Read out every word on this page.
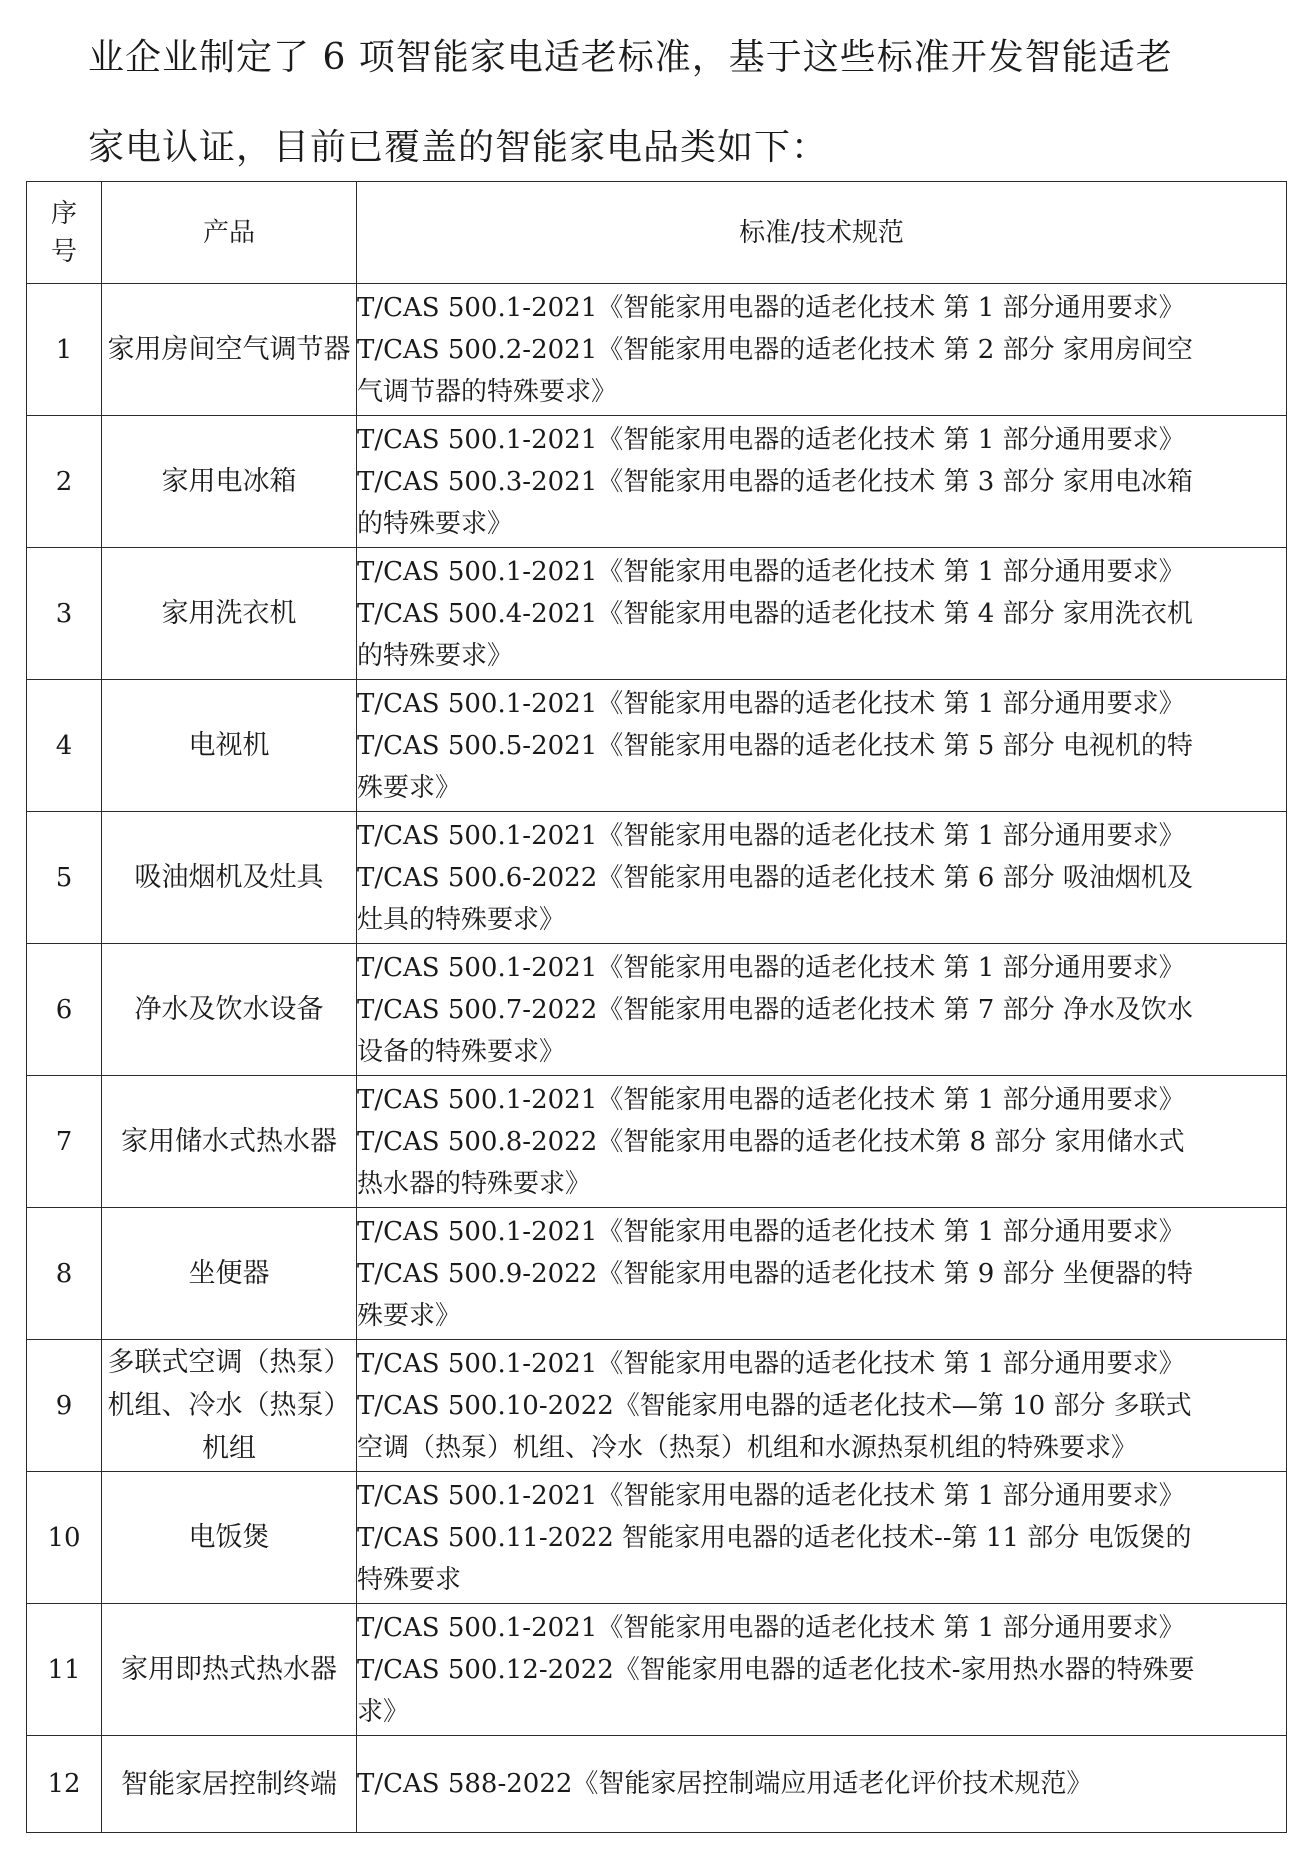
业企业制定了 6 项智能家电适老标准，基于这些标准开发智能适老
家电认证，目前已覆盖的智能家电品类如下：
序
号	产品	标准/技术规范
1	家用房间空气调节器	T/CAS 500.1-2021《智能家用电器的适老化技术 第 1 部分通用要求》
T/CAS 500.2-2021《智能家用电器的适老化技术 第 2 部分 家用房间空
气调节器的特殊要求》
2	家用电冰箱	T/CAS 500.1-2021《智能家用电器的适老化技术 第 1 部分通用要求》
T/CAS 500.3-2021《智能家用电器的适老化技术 第 3 部分 家用电冰箱
的特殊要求》
3	家用洗衣机	T/CAS 500.1-2021《智能家用电器的适老化技术 第 1 部分通用要求》
T/CAS 500.4-2021《智能家用电器的适老化技术 第 4 部分 家用洗衣机
的特殊要求》
4	电视机	T/CAS 500.1-2021《智能家用电器的适老化技术 第 1 部分通用要求》
T/CAS 500.5-2021《智能家用电器的适老化技术 第 5 部分 电视机的特
殊要求》
5	吸油烟机及灶具	T/CAS 500.1-2021《智能家用电器的适老化技术 第 1 部分通用要求》
T/CAS 500.6-2022《智能家用电器的适老化技术 第 6 部分 吸油烟机及
灶具的特殊要求》
6	净水及饮水设备	T/CAS 500.1-2021《智能家用电器的适老化技术 第 1 部分通用要求》
T/CAS 500.7-2022《智能家用电器的适老化技术 第 7 部分 净水及饮水
设备的特殊要求》
7	家用储水式热水器	T/CAS 500.1-2021《智能家用电器的适老化技术 第 1 部分通用要求》
T/CAS 500.8-2022《智能家用电器的适老化技术第 8 部分 家用储水式
热水器的特殊要求》
8	坐便器	T/CAS 500.1-2021《智能家用电器的适老化技术 第 1 部分通用要求》
T/CAS 500.9-2022《智能家用电器的适老化技术 第 9 部分 坐便器的特
殊要求》
9	多联式空调（热泵）机组、冷水（热泵）机组	T/CAS 500.1-2021《智能家用电器的适老化技术 第 1 部分通用要求》
T/CAS 500.10-2022《智能家用电器的适老化技术—第 10 部分 多联式
空调（热泵）机组、冷水（热泵）机组和水源热泵机组的特殊要求》
10	电饭煲	T/CAS 500.1-2021《智能家用电器的适老化技术 第 1 部分通用要求》
T/CAS 500.11-2022 智能家用电器的适老化技术--第 11 部分 电饭煲的
特殊要求
11	家用即热式热水器	T/CAS 500.1-2021《智能家用电器的适老化技术 第 1 部分通用要求》
T/CAS 500.12-2022《智能家用电器的适老化技术-家用热水器的特殊要
求》
12	智能家居控制终端	T/CAS 588-2022《智能家居控制端应用适老化评价技术规范》
